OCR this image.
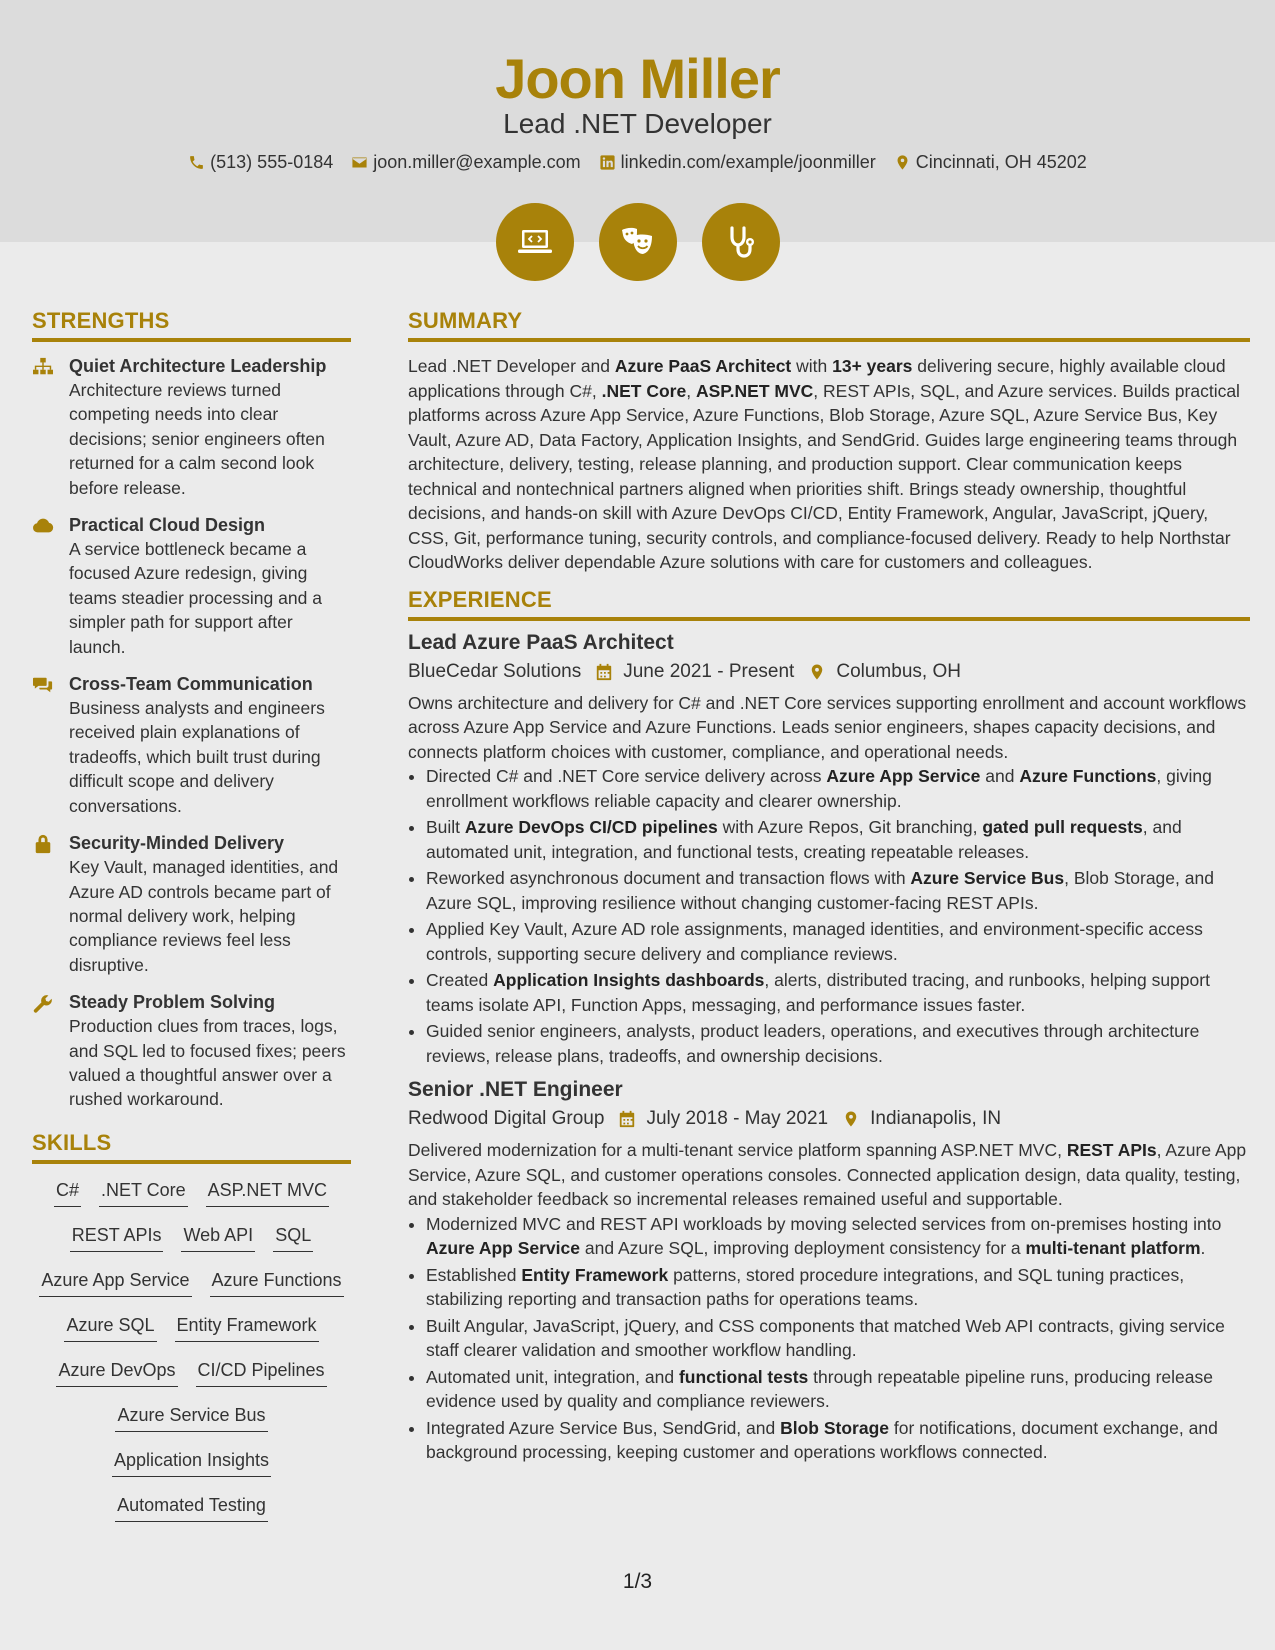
Joon Miller
Lead .NET Developer
(513) 555-0184 joon.miller@example.com linkedin.com/example/joonmiller Cincinnati, OH 45202
STRENGTHS
Quiet Architecture Leadership

Architecture reviews turned competing needs into clear decisions; senior engineers often returned for a calm second look before release.

Practical Cloud Design

A service bottleneck became a focused Azure redesign, giving teams steadier processing and a simpler path for support after launch.

Cross-Team Communication

Business analysts and engineers received plain explanations of tradeoffs, which built trust during difficult scope and delivery conversations.

Security-Minded Delivery

Key Vault, managed identities, and Azure AD controls became part of normal delivery work, helping compliance reviews feel less disruptive.

Steady Problem Solving

Production clues from traces, logs, and SQL led to focused fixes; peers valued a thoughtful answer over a rushed workaround.

SKILLS
C# .NET Core ASP.NET MVC
REST APIs Web API SQL
Azure App Service Azure Functions
Azure SQL Entity Framework
Azure DevOps CI/CD Pipelines
Azure Service Bus
Application Insights
Automated Testing
SUMMARY

Lead .NET Developer and Azure PaaS Architect with 13+ years delivering secure, highly available cloud applications through C#, .NET Core, ASP.NET MVC, REST APIs, SQL, and Azure services. Builds practical platforms across Azure App Service, Azure Functions, Blob Storage, Azure SQL, Azure Service Bus, Key Vault, Azure AD, Data Factory, Application Insights, and SendGrid. Guides large engineering teams through architecture, delivery, testing, release planning, and production support. Clear communication keeps technical and nontechnical partners aligned when priorities shift. Brings steady ownership, thoughtful decisions, and hands-on skill with Azure DevOps CI/CD, Entity Framework, Angular, JavaScript, jQuery, CSS, Git, performance tuning, security controls, and compliance-focused delivery. Ready to help Northstar CloudWorks deliver dependable Azure solutions with care for customers and colleagues.

EXPERIENCE
Lead Azure PaaS Architect
BlueCedar Solutions June 2021 - Present Columbus, OH

Owns architecture and delivery for C# and .NET Core services supporting enrollment and account workflows across Azure App Service and Azure Functions. Leads senior engineers, shapes capacity decisions, and connects platform choices with customer, compliance, and operational needs.

• Directed C# and .NET Core service delivery across Azure App Service and Azure Functions, giving enrollment workflows reliable capacity and clearer ownership.
• Built Azure DevOps CI/CD pipelines with Azure Repos, Git branching, gated pull requests, and automated unit, integration, and functional tests, creating repeatable releases.
• Reworked asynchronous document and transaction flows with Azure Service Bus, Blob Storage, and Azure SQL, improving resilience without changing customer-facing REST APIs.
• Applied Key Vault, Azure AD role assignments, managed identities, and environment-specific access controls, supporting secure delivery and compliance reviews.
• Created Application Insights dashboards, alerts, distributed tracing, and runbooks, helping support teams isolate API, Function Apps, messaging, and performance issues faster.
• Guided senior engineers, analysts, product leaders, operations, and executives through architecture reviews, release plans, tradeoffs, and ownership decisions.
Senior .NET Engineer
Redwood Digital Group July 2018 - May 2021 Indianapolis, IN

Delivered modernization for a multi-tenant service platform spanning ASP.NET MVC, REST APIs, Azure App Service, Azure SQL, and customer operations consoles. Connected application design, data quality, testing, and stakeholder feedback so incremental releases remained useful and supportable.

• Modernized MVC and REST API workloads by moving selected services from on-premises hosting into Azure App Service and Azure SQL, improving deployment consistency for a multi-tenant platform.
• Established Entity Framework patterns, stored procedure integrations, and SQL tuning practices, stabilizing reporting and transaction paths for operations teams.
• Built Angular, JavaScript, jQuery, and CSS components that matched Web API contracts, giving service staff clearer validation and smoother workflow handling.
• Automated unit, integration, and functional tests through repeatable pipeline runs, producing release evidence used by quality and compliance reviewers.
• Integrated Azure Service Bus, SendGrid, and Blob Storage for notifications, document exchange, and background processing, keeping customer and operations workflows connected.
1/3
